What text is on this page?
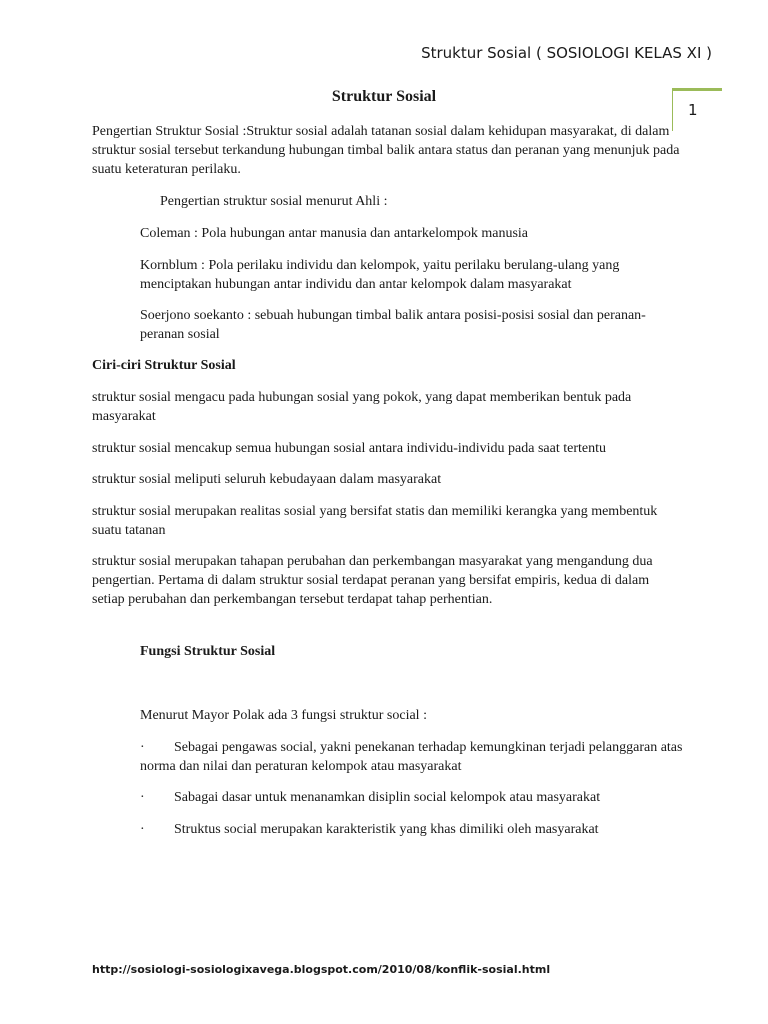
Struktur Sosial ( SOSIOLOGI KELAS XI )
1
Struktur Sosial
Pengertian Struktur Sosial :Struktur sosial adalah tatanan sosial dalam kehidupan masyarakat, di dalam struktur sosial tersebut terkandung hubungan timbal balik antara status dan peranan yang menunjuk pada suatu keteraturan perilaku.
Pengertian struktur sosial menurut Ahli :
Coleman : Pola hubungan antar manusia dan antarkelompok manusia
Kornblum : Pola perilaku individu dan kelompok, yaitu perilaku berulang-ulang yang menciptakan hubungan antar individu dan antar kelompok dalam masyarakat
Soerjono soekanto : sebuah hubungan timbal balik antara posisi-posisi sosial dan peranan-peranan sosial
Ciri-ciri Struktur Sosial
struktur sosial mengacu pada hubungan sosial yang pokok, yang dapat memberikan bentuk pada masyarakat
struktur sosial mencakup semua hubungan sosial antara individu-individu pada saat tertentu
struktur sosial meliputi seluruh kebudayaan dalam masyarakat
struktur sosial merupakan realitas sosial yang bersifat statis dan memiliki kerangka yang membentuk suatu tatanan
struktur sosial merupakan tahapan perubahan dan perkembangan masyarakat yang mengandung dua pengertian. Pertama di dalam struktur sosial terdapat peranan yang bersifat empiris, kedua di dalam setiap perubahan dan perkembangan tersebut terdapat tahap perhentian.
Fungsi Struktur Sosial
Menurut Mayor Polak ada 3 fungsi struktur social :
· Sebagai pengawas social, yakni penekanan terhadap kemungkinan terjadi pelanggaran atas norma dan nilai dan peraturan kelompok atau masyarakat
· Sabagai dasar untuk menanamkan disiplin social kelompok atau masyarakat
· Struktus social merupakan karakteristik yang khas dimiliki oleh masyarakat
http://sosiologi-sosiologixavega.blogspot.com/2010/08/konflik-sosial.html
